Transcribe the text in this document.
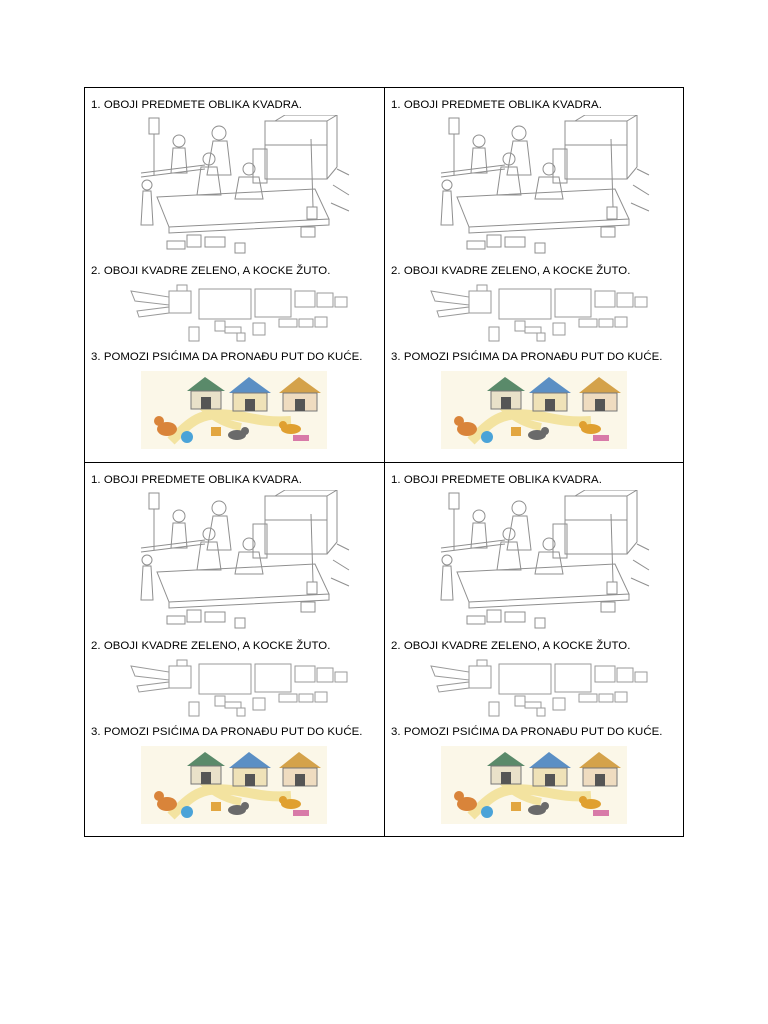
1. OBOJI PREDMETE OBLIKA KVADRA.
2. OBOJI KVADRE ZELENO, A KOCKE ŽUTO.
3. POMOZI PSIĆIMA DA PRONAĐU PUT DO KUĆE.
1. OBOJI PREDMETE OBLIKA KVADRA.
2. OBOJI KVADRE ZELENO, A KOCKE ŽUTO.
3. POMOZI PSIĆIMA DA PRONAĐU PUT DO KUĆE.
1. OBOJI PREDMETE OBLIKA KVADRA.
2. OBOJI KVADRE ZELENO, A KOCKE ŽUTO.
3. POMOZI PSIĆIMA DA PRONAĐU PUT DO KUĆE.
1. OBOJI PREDMETE OBLIKA KVADRA.
2. OBOJI KVADRE ZELENO, A KOCKE ŽUTO.
3. POMOZI PSIĆIMA DA PRONAĐU PUT DO KUĆE.
